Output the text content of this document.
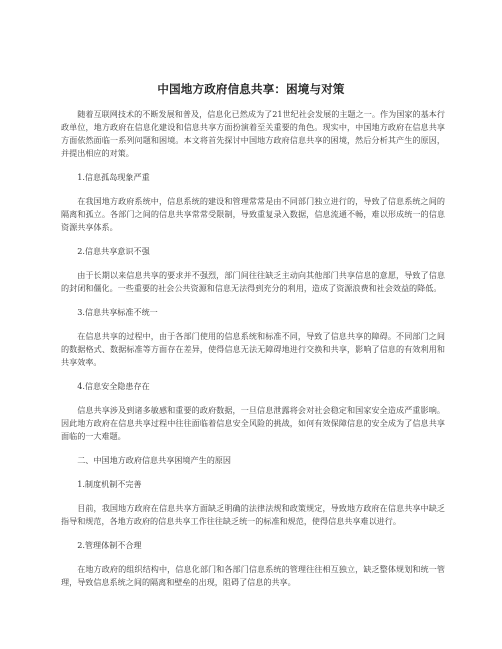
中国地方政府信息共享：困境与对策

随着互联网技术的不断发展和普及，信息化已然成为了21世纪社会发展的主题之一。作为国家的基本行政单位，地方政府在信息化建设和信息共享方面扮演着至关重要的角色。现实中，中国地方政府在信息共享方面依然面临一系列问题和困境。本文将首先探讨中国地方政府信息共享的困境，然后分析其产生的原因，并提出相应的对策。

1.信息孤岛现象严重

在我国地方政府系统中，信息系统的建设和管理常常是由不同部门独立进行的，导致了信息系统之间的隔离和孤立。各部门之间的信息共享常常受限制，导致重复录入数据，信息流通不畅，难以形成统一的信息资源共享体系。

2.信息共享意识不强

由于长期以来信息共享的要求并不强烈，部门间往往缺乏主动向其他部门共享信息的意愿，导致了信息的封闭和僵化。一些重要的社会公共资源和信息无法得到充分的利用，造成了资源浪费和社会效益的降低。

3.信息共享标准不统一

在信息共享的过程中，由于各部门使用的信息系统和标准不同，导致了信息共享的障碍。不同部门之间的数据格式、数据标准等方面存在差异，使得信息无法无障碍地进行交换和共享，影响了信息的有效利用和共享效率。

4.信息安全隐患存在

信息共享涉及到诸多敏感和重要的政府数据，一旦信息泄露将会对社会稳定和国家安全造成严重影响。因此地方政府在信息共享过程中往往面临着信息安全风险的挑战，如何有效保障信息的安全成为了信息共享面临的一大难题。

二、中国地方政府信息共享困境产生的原因

1.制度机制不完善

目前，我国地方政府在信息共享方面缺乏明确的法律法规和政策规定，导致地方政府在信息共享中缺乏指导和规范，各地方政府的信息共享工作往往缺乏统一的标准和规范，使得信息共享难以进行。

2.管理体制不合理

在地方政府的组织结构中，信息化部门和各部门信息系统的管理往往相互独立，缺乏整体规划和统一管理，导致信息系统之间的隔离和壁垒的出现，阻碍了信息的共享。
